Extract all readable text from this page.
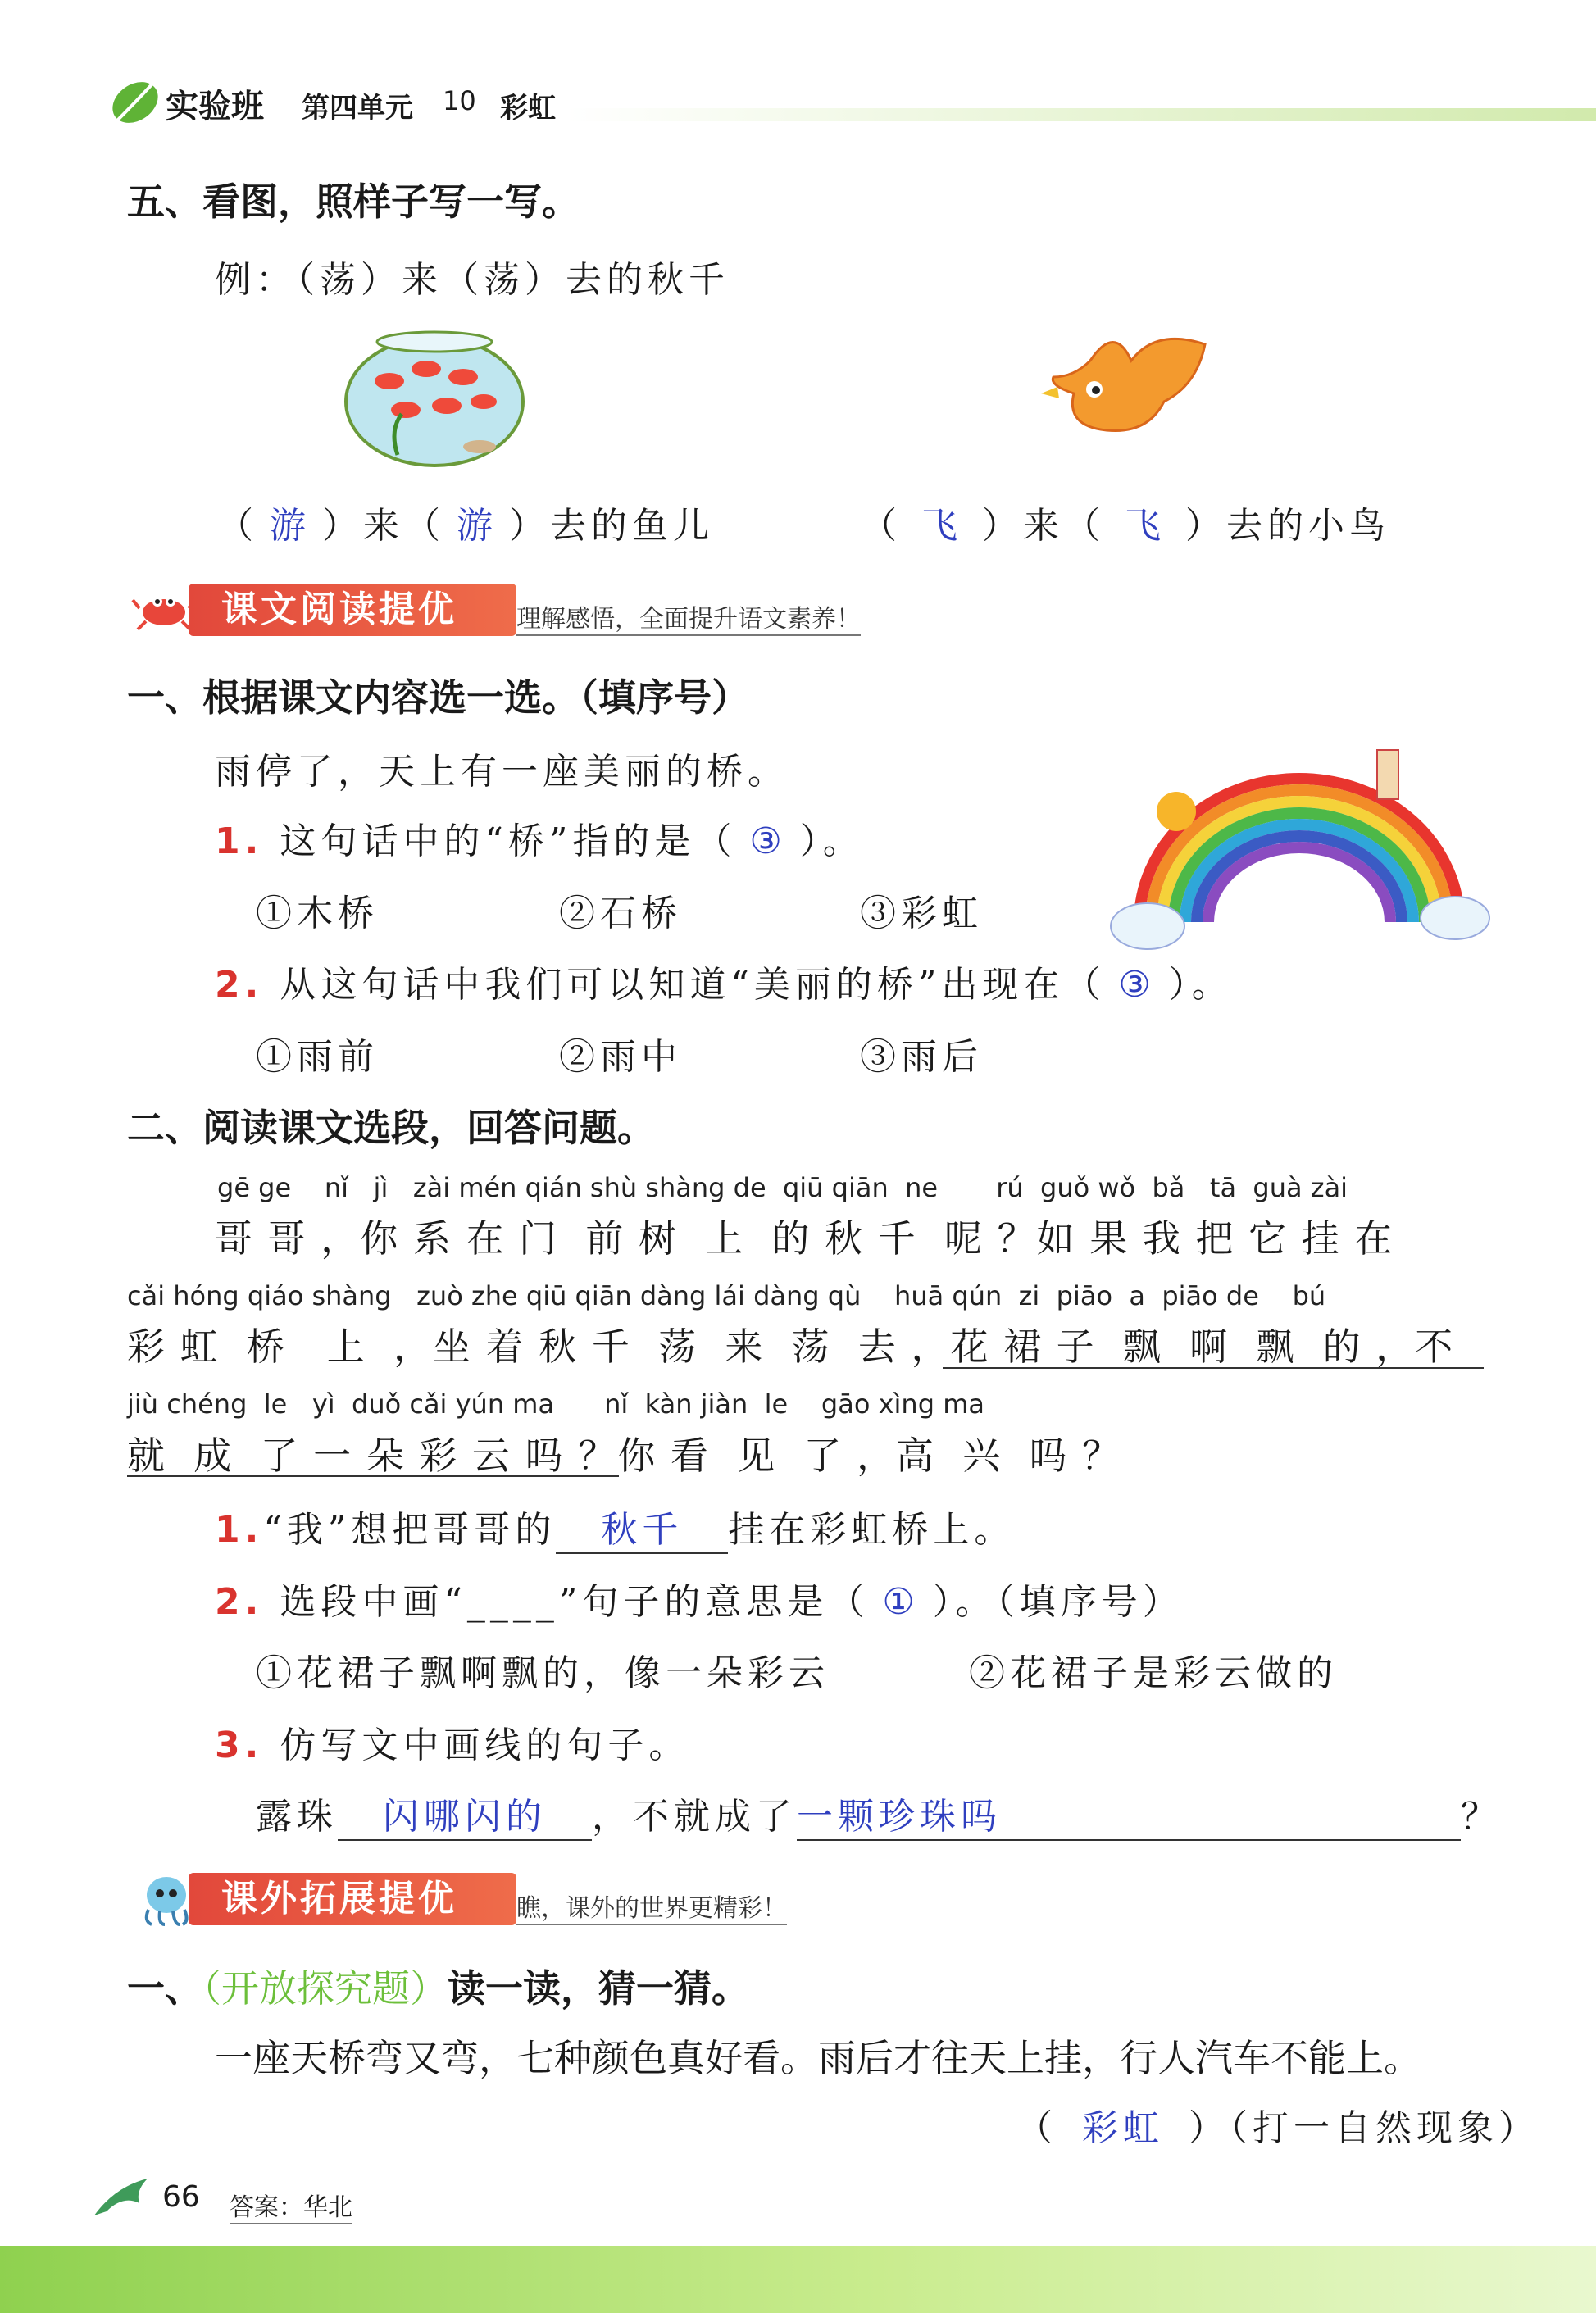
实验班 第四单元 10 彩虹
五、看图，照样子写一写。
例：（荡）来（荡）去的秋千
（ 游 ）来（ 游 ）去的鱼儿	（ 飞 ）来（ 飞 ）去的小鸟
课文阅读提优	理解感悟，全面提升语文素养！
一、根据课文内容选一选。（填序号）
雨停了，天上有一座美丽的桥。
1. 这句话中的“桥”指的是（ ③ ）。
①木桥	②石桥	③彩虹
2. 从这句话中我们可以知道“美丽的桥”出现在（ ③ ）。
①雨前	②雨中	③雨后
二、阅读课文选段，回答问题。
gē ge    nǐ   jì   zài mén qián shù shàng de  qiū qiān  ne       rú  guǒ wǒ  bǎ   tā  guà zài
哥 哥 ，你 系 在 门  前 树  上  的 秋 千  呢 ？如 果 我 把 它 挂 在
cǎi hóng qiáo shàng   zuò zhe qiū qiān dàng lái dàng qù    huā qún  zi  piāo  a  piāo de    bú
彩 虹  桥   上  ，坐 着 秋 千  荡  来  荡  去 ，花 裙 子  飘  啊  飘  的 ，不
jiù chéng  le   yì  duǒ cǎi yún ma      nǐ  kàn jiàn  le    gāo xìng ma
就  成  了 一 朵 彩 云 吗 ？你 看  见  了 ，高  兴  吗 ？
1.“我”想把哥哥的 秋千 挂在彩虹桥上。
2. 选段中画“____”句子的意思是（ ① ）。（填序号）
①花裙子飘啊飘的，像一朵彩云	②花裙子是彩云做的
3. 仿写文中画线的句子。
露珠 闪哪闪的 ，不就成了一颗珍珠吗	？
课外拓展提优	瞧，课外的世界更精彩！
一、（开放探究题）读一读，猜一猜。
一座天桥弯又弯，七种颜色真好看。雨后才往天上挂，行人汽车不能上。
（ 彩虹 ）（打一自然现象）
66 答案：华北
